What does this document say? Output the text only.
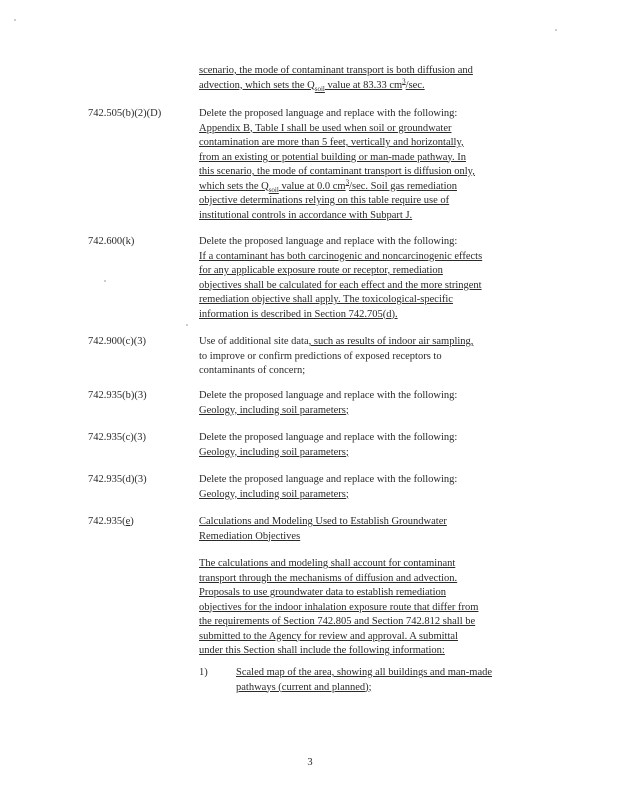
scenario, the mode of contaminant transport is both diffusion and
advection, which sets the $Q_{soil}$ value at 83.33 $cm^3/\sec$.
742.505(b)(2)(D)	Delete the proposed language and replace with the following:
Appendix B, Table I shall be used when soil or groundwater
contamination are more than 5 feet, vertically and horizontally,
from an existing or potential building or man-made pathway. In
this scenario, the mode of contaminant transport is diffusion only,
which sets the $Q_{soil}$ value at 0.0 $cm^3/\sec$. Soil gas remediation
objective determinations relying on this table require use of
institutional controls in accordance with Subpart J.
742.600(k)	Delete the proposed language and replace with the following:
If a contaminant has both carcinogenic and noncarcinogenic effects
for any applicable exposure route or receptor, remediation
objectives shall be calculated for each effect and the more stringent
remediation objective shall apply. The toxicological-specific
information is described in Section 742.705(d).
742.900(c)(3)	Use of additional site data, such as results of indoor air sampling,
to improve or confirm predictions of exposed receptors to
contaminants of concern;
742.935(b)(3)	Delete the proposed language and replace with the following:
Geology, including soil parameters;
742.935(c)(3)	Delete the proposed language and replace with the following:
Geology, including soil parameters;
742.935(d)(3)	Delete the proposed language and replace with the following:
Geology, including soil parameters;
742.935(e)	Calculations and Modeling Used to Establish Groundwater
Remediation Objectives
The calculations and modeling shall account for contaminant
transport through the mechanisms of diffusion and advection.
Proposals to use groundwater data to establish remediation
objectives for the indoor inhalation exposure route that differ from
the requirements of Section 742.805 and Section 742.812 shall be
submitted to the Agency for review and approval. A submittal
under this Section shall include the following information:
1)	Scaled map of the area, showing all buildings and man-made pathways (current and planned);
3
